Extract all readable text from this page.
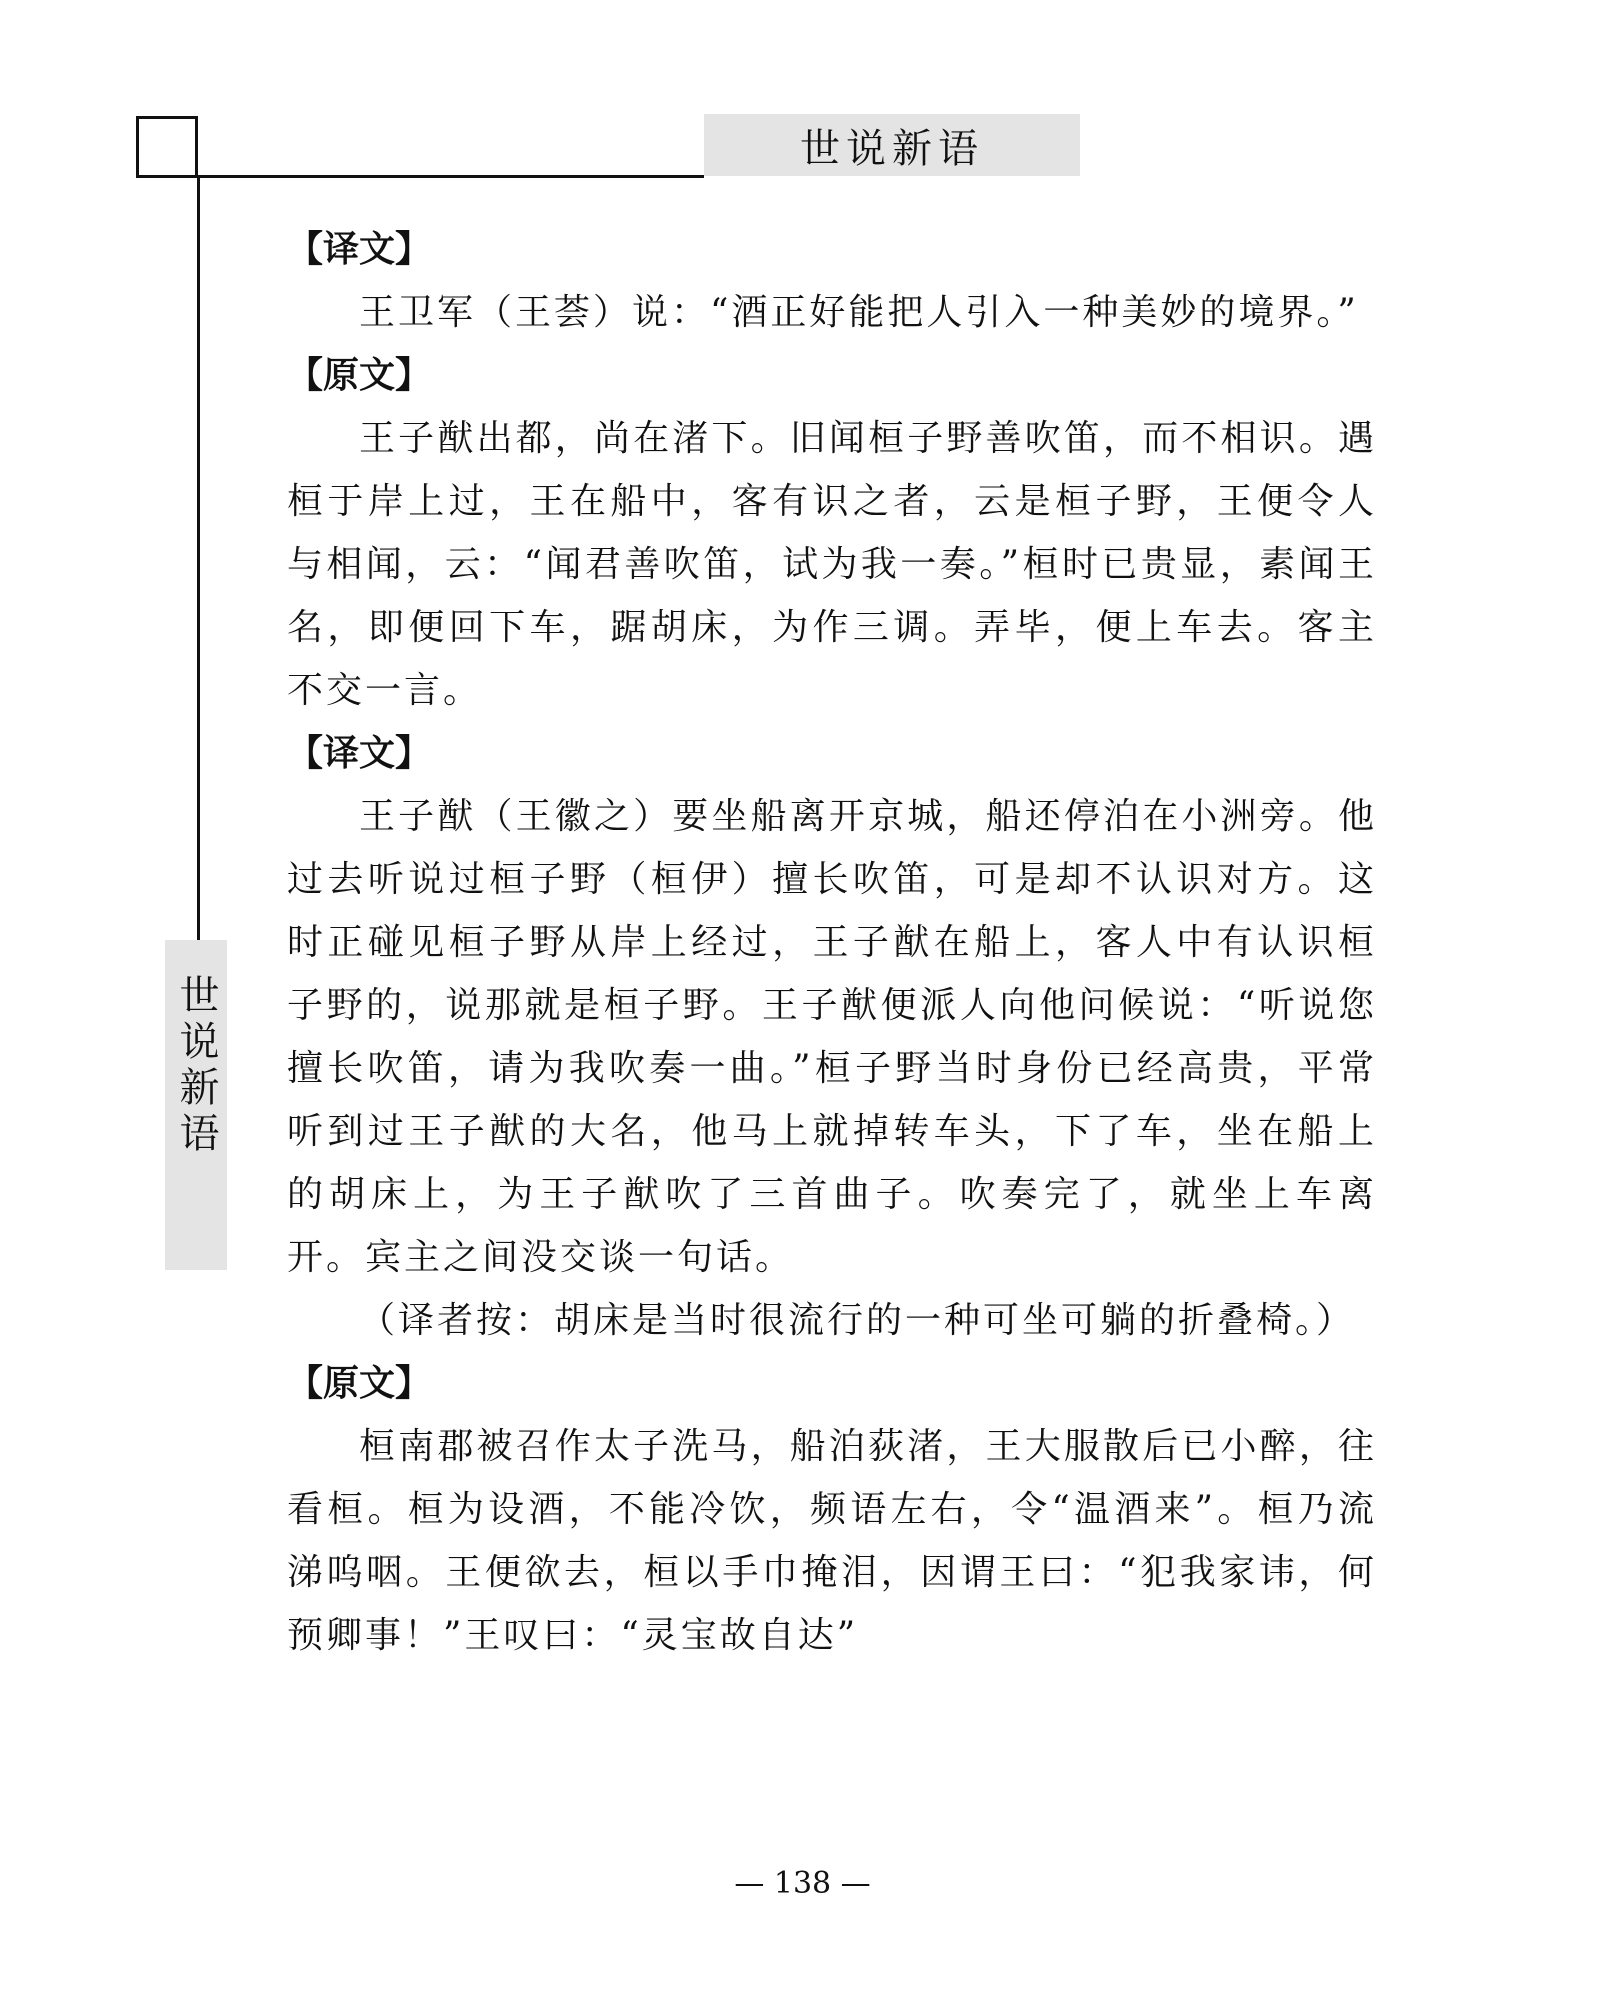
世说新语
世说新语

【译文】

王卫军（王荟）说：“酒正好能把人引入一种美妙的境界。”

【原文】

王子猷出都，尚在渚下。旧闻桓子野善吹笛，而不相识。遇桓于岸上过，王在船中，客有识之者，云是桓子野，王便令人与相闻，云：“闻君善吹笛，试为我一奏。”桓时已贵显，素闻王名，即便回下车，踞胡床，为作三调。弄毕，便上车去。客主不交一言。

【译文】

王子猷（王徽之）要坐船离开京城，船还停泊在小洲旁。他过去听说过桓子野（桓伊）擅长吹笛，可是却不认识对方。这时正碰见桓子野从岸上经过，王子猷在船上，客人中有认识桓子野的，说那就是桓子野。王子猷便派人向他问候说：“听说您擅长吹笛，请为我吹奏一曲。”桓子野当时身份已经高贵，平常听到过王子猷的大名，他马上就掉转车头，下了车，坐在船上的胡床上，为王子猷吹了三首曲子。吹奏完了，就坐上车离开。宾主之间没交谈一句话。

（译者按：胡床是当时很流行的一种可坐可躺的折叠椅。）

【原文】

桓南郡被召作太子洗马，船泊荻渚，王大服散后已小醉，往看桓。桓为设酒，不能冷饮，频语左右，令“温酒来”。桓乃流涕呜咽。王便欲去，桓以手巾掩泪，因谓王曰：“犯我家讳，何预卿事！”王叹曰：“灵宝故自达”

— 138 —
